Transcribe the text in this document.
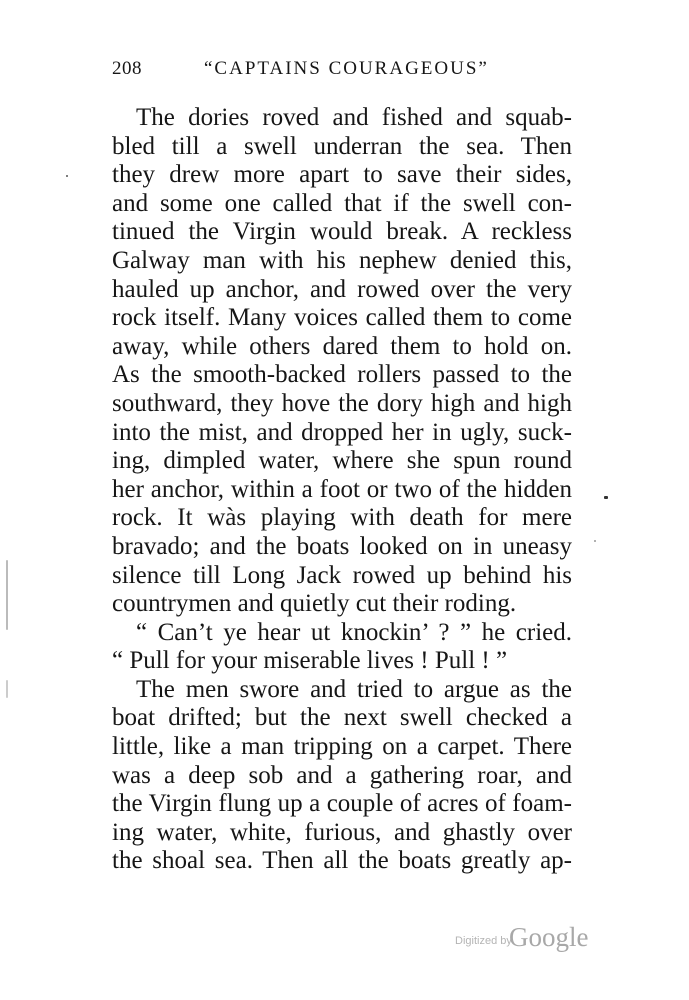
208	“CAPTAINS COURAGEOUS”
The dories roved and fished and squab-
bled till a swell underran the sea. Then
they drew more apart to save their sides,
and some one called that if the swell con-
tinued the Virgin would break. A reckless
Galway man with his nephew denied this,
hauled up anchor, and rowed over the very
rock itself. Many voices called them to come
away, while others dared them to hold on.
As the smooth-backed rollers passed to the
southward, they hove the dory high and high
into the mist, and dropped her in ugly, suck-
ing, dimpled water, where she spun round
her anchor, within a foot or two of the hidden
rock. It wàs playing with death for mere
bravado; and the boats looked on in uneasy
silence till Long Jack rowed up behind his
countrymen and quietly cut their roding.
“ Can’t ye hear ut knockin’ ? ” he cried.
“ Pull for your miserable lives ! Pull ! ”
The men swore and tried to argue as the
boat drifted; but the next swell checked a
little, like a man tripping on a carpet. There
was a deep sob and a gathering roar, and
the Virgin flung up a couple of acres of foam-
ing water, white, furious, and ghastly over
the shoal sea. Then all the boats greatly ap-
Digitized by
Google
